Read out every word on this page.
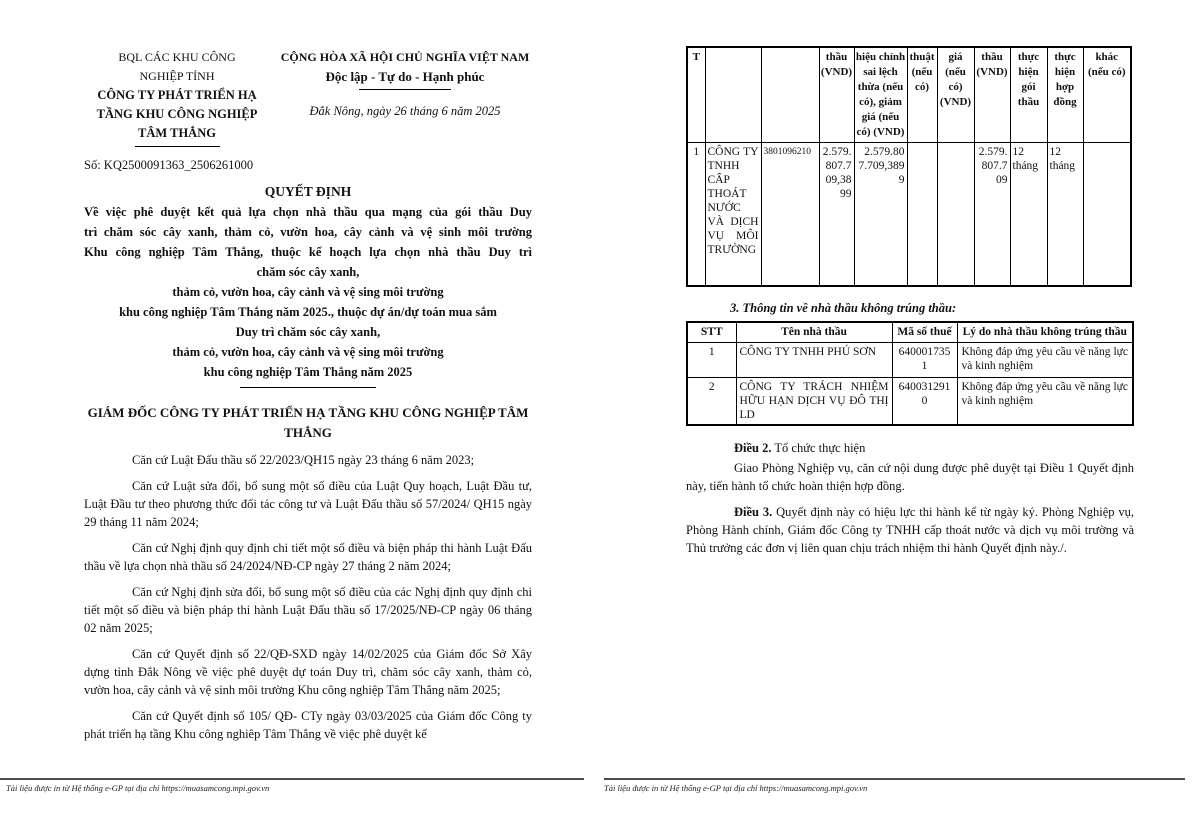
BQL CÁC KHU CÔNG NGHIỆP TỈNH
CÔNG TY PHÁT TRIỂN HẠ TẦNG KHU CÔNG NGHIỆP TÂM THẮNG
CỘNG HÒA XÃ HỘI CHỦ NGHĨA VIỆT NAM
Độc lập - Tự do - Hạnh phúc
Đắk Nông, ngày 26 tháng 6 năm 2025
Số: KQ2500091363_2506261000
QUYẾT ĐỊNH
Về việc phê duyệt kết quả lựa chọn nhà thầu qua mạng của gói thầu Duy
trì chăm sóc cây xanh, thảm cỏ, vườn hoa, cây cảnh và vệ sinh môi trường
Khu công nghiệp Tâm Thắng, thuộc kế hoạch lựa chọn nhà thầu Duy trì
chăm sóc cây xanh,
thảm cỏ, vườn hoa, cây cảnh và vệ sing môi trường
khu công nghiệp Tâm Thắng năm 2025., thuộc dự án/dự toán mua sắm
Duy trì chăm sóc cây xanh,
thảm cỏ, vườn hoa, cây cảnh và vệ sing môi trường
khu công nghiệp Tâm Thắng năm 2025
GIÁM ĐỐC CÔNG TY PHÁT TRIỂN HẠ TẦNG KHU CÔNG NGHIỆP TÂM THẮNG
Căn cứ Luật Đấu thầu số 22/2023/QH15 ngày 23 tháng 6 năm 2023;
Căn cứ Luật sửa đổi, bổ sung một số điều của Luật Quy hoạch, Luật Đầu tư, Luật Đầu tư theo phương thức đối tác công tư và Luật Đấu thầu số 57/2024/ QH15 ngày 29 tháng 11 năm 2024;
Căn cứ Nghị định quy định chi tiết một số điều và biện pháp thi hành Luật Đấu thầu về lựa chọn nhà thầu số 24/2024/NĐ-CP ngày 27 tháng 2 năm 2024;
Căn cứ Nghị định sửa đổi, bổ sung một số điều của các Nghị định quy định chi tiết một số điều và biện pháp thi hành Luật Đấu thầu số 17/2025/NĐ-CP ngày 06 tháng 02 năm 2025;
Căn cứ Quyết định số 22/QĐ-SXD ngày 14/02/2025 của Giám đốc Sở Xây dựng tỉnh Đắk Nông về việc phê duyệt dự toán Duy trì, chăm sóc cây xanh, thảm cỏ, vườn hoa, cây cảnh và vệ sinh môi trường Khu công nghiệp Tâm Thắng năm 2025;
Căn cứ Quyết định số 105/ QĐ- CTy ngày 03/03/2025 của Giám đốc Công ty phát triển hạ tầng Khu công nghiêp Tâm Thắng về việc phê duyệt kế
T			thầu (VND)	hiệu chỉnh sai lệch thừa (nếu có), giảm giá (nếu có) (VND)	thuật (nếu có)	giá (nếu có) (VND)	thầu (VND)	thực hiện gói thầu	thực hiện hợp đồng	khác (nếu có)
1	CÔNG TY TNHH CẤP THOÁT NƯỚC VÀ DỊCH VỤ MÔI TRƯỜNG	3801096210	2.579.807.709,3899	2.579.807.709,3899			2.579.807.709	12 tháng	12 tháng	
3. Thông tin về nhà thầu không trúng thầu:
STT	Tên nhà thầu	Mã số thuế	Lý do nhà thầu không trúng thầu
1	CÔNG TY TNHH PHÚ SƠN	6400017351	Không đáp ứng yêu cầu về năng lực và kinh nghiệm
2	CÔNG TY TRÁCH NHIỆM HỮU HẠN DỊCH VỤ ĐÔ THỊ LD	6400312910	Không đáp ứng yêu cầu về năng lực và kinh nghiệm
Điều 2. Tổ chức thực hiện
Giao Phòng Nghiệp vụ, căn cứ nội dung được phê duyệt tại Điều 1 Quyết định này, tiến hành tổ chức hoàn thiện hợp đồng.
Điều 3. Quyết định này có hiệu lực thi hành kể từ ngày ký. Phòng Nghiệp vụ, Phòng Hành chính, Giám đốc Công ty TNHH cấp thoát nước và dịch vụ môi trường và Thủ trưởng các đơn vị liên quan chịu trách nhiệm thi hành Quyết định này./.
Tài liệu được in từ Hệ thống e-GP tại địa chỉ https://muasamcong.mpi.gov.vn	Tài liệu được in từ Hệ thống e-GP tại địa chỉ https://muasamcong.mpi.gov.vn
